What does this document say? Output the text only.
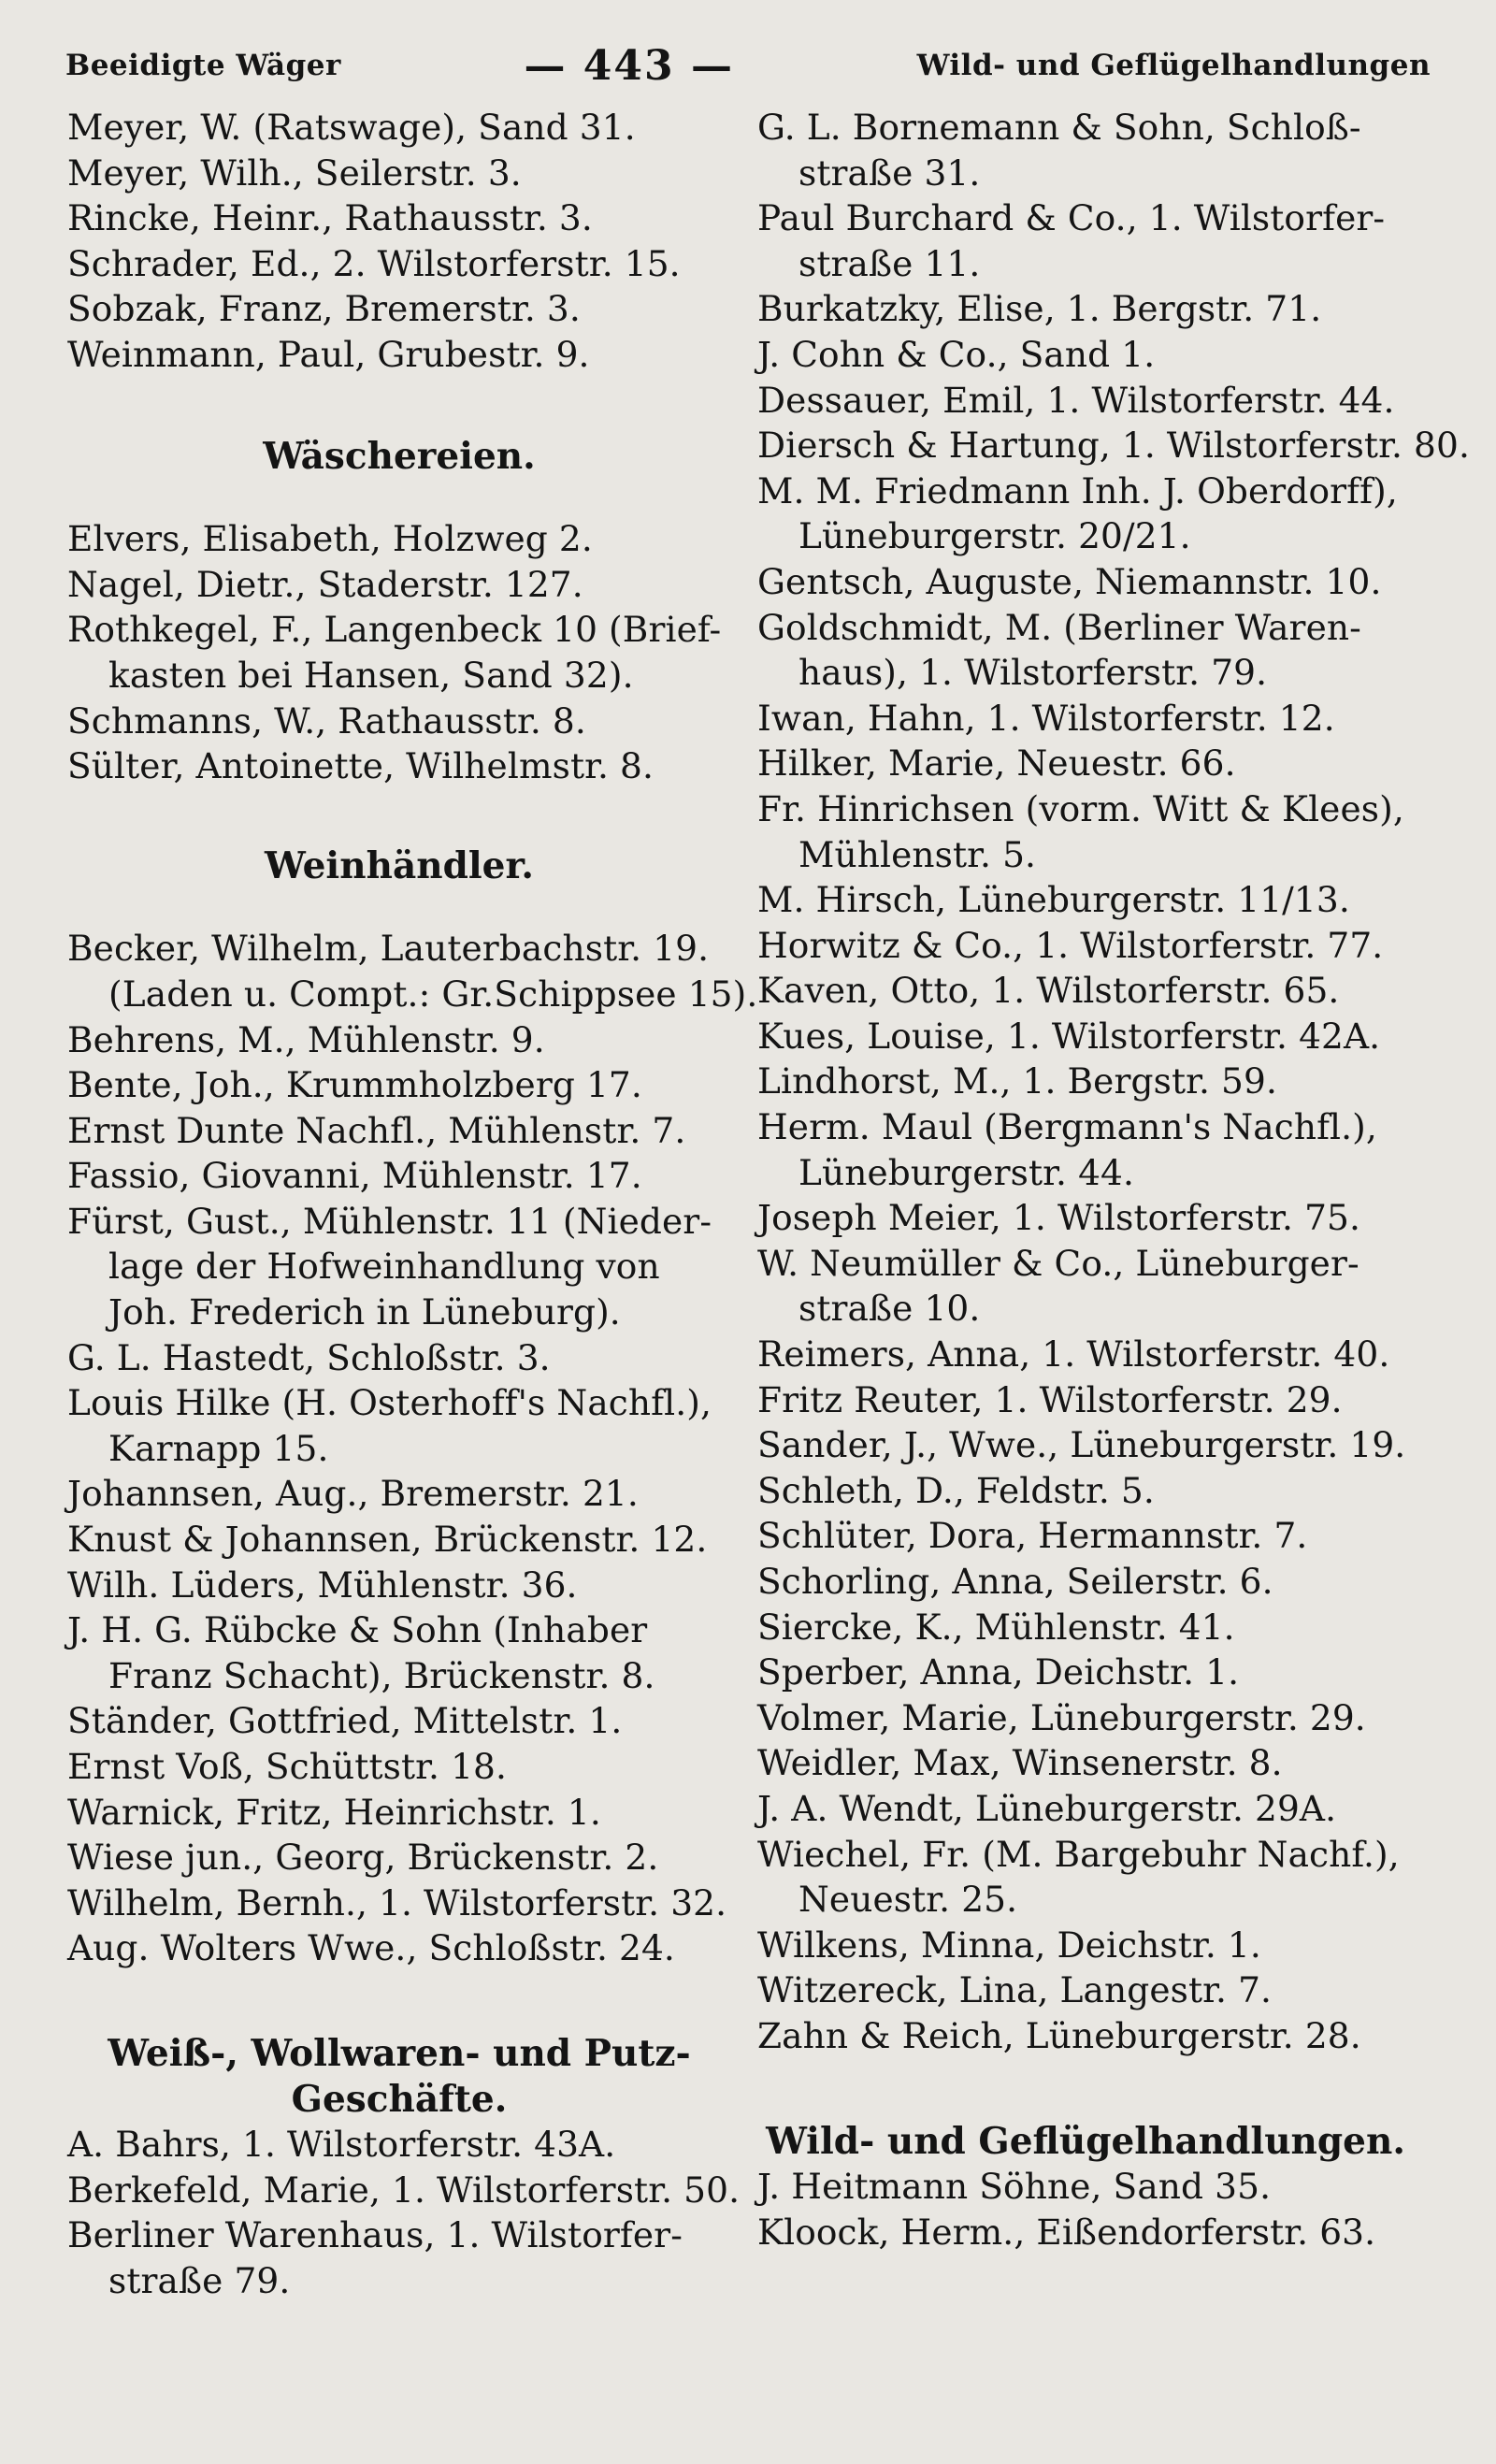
Beeidigte Wäger	— 443 —	Wild- und Geflügelhandlungen
Meyer, W. (Ratswage), Sand 31.
Meyer, Wilh., Seilerstr. 3.
Rincke, Heinr., Rathausstr. 3.
Schrader, Ed., 2. Wilstorferstr. 15.
Sobzak, Franz, Bremerstr. 3.
Weinmann, Paul, Grubestr. 9.
Wäschereien.
Elvers, Elisabeth, Holzweg 2.
Nagel, Dietr., Staderstr. 127.
Rothkegel, F., Langenbeck 10 (Brief-
kasten bei Hansen, Sand 32).
Schmanns, W., Rathausstr. 8.
Sülter, Antoinette, Wilhelmstr. 8.
Weinhändler.
Becker, Wilhelm, Lauterbachstr. 19.
(Laden u. Compt.: Gr.Schippsee 15).
Behrens, M., Mühlenstr. 9.
Bente, Joh., Krummholzberg 17.
Ernst Dunte Nachfl., Mühlenstr. 7.
Fassio, Giovanni, Mühlenstr. 17.
Fürst, Gust., Mühlenstr. 11 (Nieder-
lage der Hofweinhandlung von
Joh. Frederich in Lüneburg).
G. L. Hastedt, Schloßstr. 3.
Louis Hilke (H. Osterhoff's Nachfl.),
Karnapp 15.
Johannsen, Aug., Bremerstr. 21.
Knust & Johannsen, Brückenstr. 12.
Wilh. Lüders, Mühlenstr. 36.
J. H. G. Rübcke & Sohn (Inhaber
Franz Schacht), Brückenstr. 8.
Ständer, Gottfried, Mittelstr. 1.
Ernst Voß, Schüttstr. 18.
Warnick, Fritz, Heinrichstr. 1.
Wiese jun., Georg, Brückenstr. 2.
Wilhelm, Bernh., 1. Wilstorferstr. 32.
Aug. Wolters Wwe., Schloßstr. 24.
Weiß-, Wollwaren- und Putz-
Geschäfte.
A. Bahrs, 1. Wilstorferstr. 43A.
Berkefeld, Marie, 1. Wilstorferstr. 50.
Berliner Warenhaus, 1. Wilstorfer-
straße 79.
G. L. Bornemann & Sohn, Schloß-
straße 31.
Paul Burchard & Co., 1. Wilstorfer-
straße 11.
Burkatzky, Elise, 1. Bergstr. 71.
J. Cohn & Co., Sand 1.
Dessauer, Emil, 1. Wilstorferstr. 44.
Diersch & Hartung, 1. Wilstorferstr. 80.
M. M. Friedmann Inh. J. Oberdorff),
Lüneburgerstr. 20/21.
Gentsch, Auguste, Niemannstr. 10.
Goldschmidt, M. (Berliner Waren-
haus), 1. Wilstorferstr. 79.
Iwan, Hahn, 1. Wilstorferstr. 12.
Hilker, Marie, Neuestr. 66.
Fr. Hinrichsen (vorm. Witt & Klees),
Mühlenstr. 5.
M. Hirsch, Lüneburgerstr. 11/13.
Horwitz & Co., 1. Wilstorferstr. 77.
Kaven, Otto, 1. Wilstorferstr. 65.
Kues, Louise, 1. Wilstorferstr. 42A.
Lindhorst, M., 1. Bergstr. 59.
Herm. Maul (Bergmann's Nachfl.),
Lüneburgerstr. 44.
Joseph Meier, 1. Wilstorferstr. 75.
W. Neumüller & Co., Lüneburger-
straße 10.
Reimers, Anna, 1. Wilstorferstr. 40.
Fritz Reuter, 1. Wilstorferstr. 29.
Sander, J., Wwe., Lüneburgerstr. 19.
Schleth, D., Feldstr. 5.
Schlüter, Dora, Hermannstr. 7.
Schorling, Anna, Seilerstr. 6.
Siercke, K., Mühlenstr. 41.
Sperber, Anna, Deichstr. 1.
Volmer, Marie, Lüneburgerstr. 29.
Weidler, Max, Winsenerstr. 8.
J. A. Wendt, Lüneburgerstr. 29A.
Wiechel, Fr. (M. Bargebuhr Nachf.),
Neuestr. 25.
Wilkens, Minna, Deichstr. 1.
Witzereck, Lina, Langestr. 7.
Zahn & Reich, Lüneburgerstr. 28.
Wild- und Geflügelhandlungen.
J. Heitmann Söhne, Sand 35.
Kloock, Herm., Eißendorferstr. 63.
